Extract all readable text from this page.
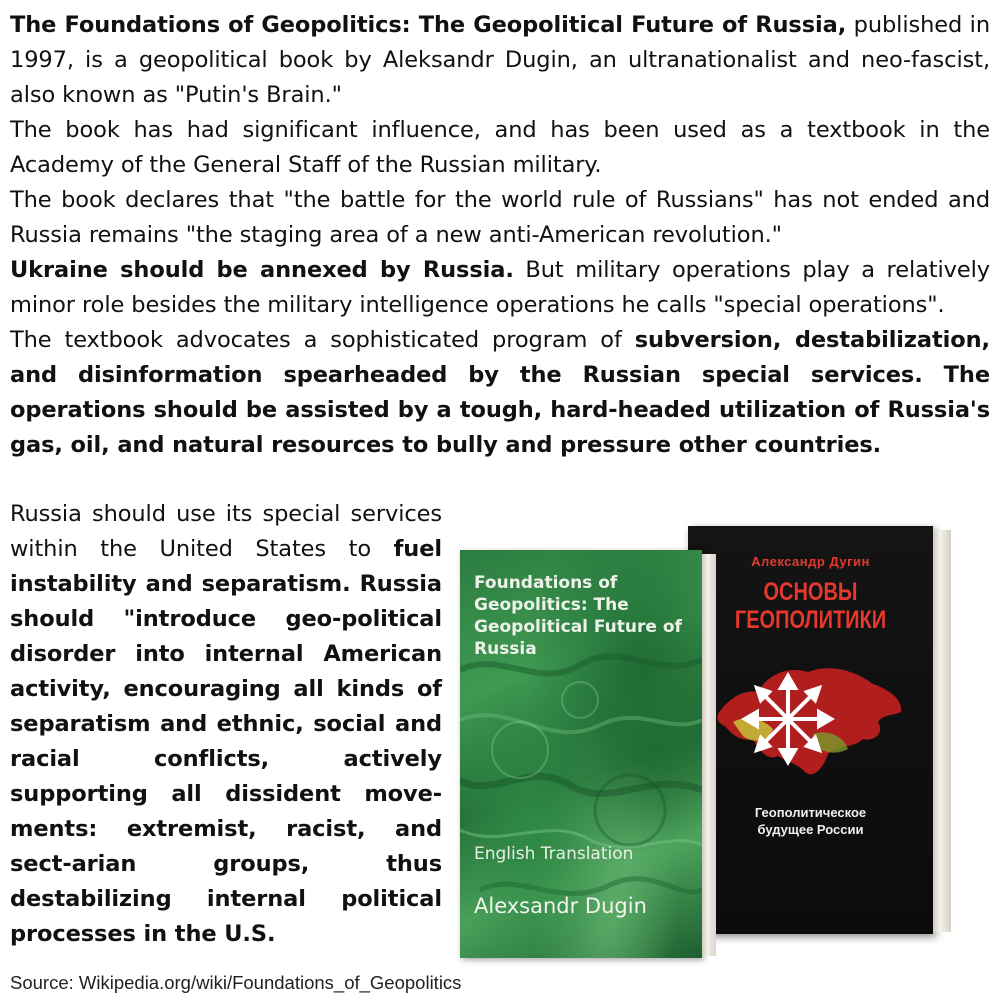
The Foundations of Geopolitics: The Geopolitical Future of Russia, published in 1997, is a geopolitical book by Aleksandr Dugin, an ultranationalist and neo-fascist, also known as "Putin's Brain."

The book has had significant influence, and has been used as a textbook in the Academy of the General Staff of the Russian military.

The book declares that "the battle for the world rule of Russians" has not ended and Russia remains "the staging area of a new anti-American revolution."

Ukraine should be annexed by Russia. But military operations play a relatively minor role besides the military intelligence operations he calls "special operations".

The textbook advocates a sophisticated program of subversion, destabilization, and disinformation spearheaded by the Russian special services. The operations should be assisted by a tough, hard-headed utilization of Russia's gas, oil, and natural resources to bully and pressure other countries.

Russia should use its special services within the United States to fuel instability and separatism. Russia should "introduce geo-political disorder into internal American activity, encouraging all kinds of separatism and ethnic, social and racial conflicts, actively supporting all dissident move-ments: extremist, racist, and sect-arian groups, thus destabilizing internal political processes in the U.S.

Александр Дугин
ОСНОВЫ
ГЕОПОЛИТИКИ
Геополитическое
будущее России
Foundations of Geopolitics: The Geopolitical Future of Russia
English Translation
Alexsandr Dugin
Source: Wikipedia.org/wiki/Foundations_of_Geopolitics
